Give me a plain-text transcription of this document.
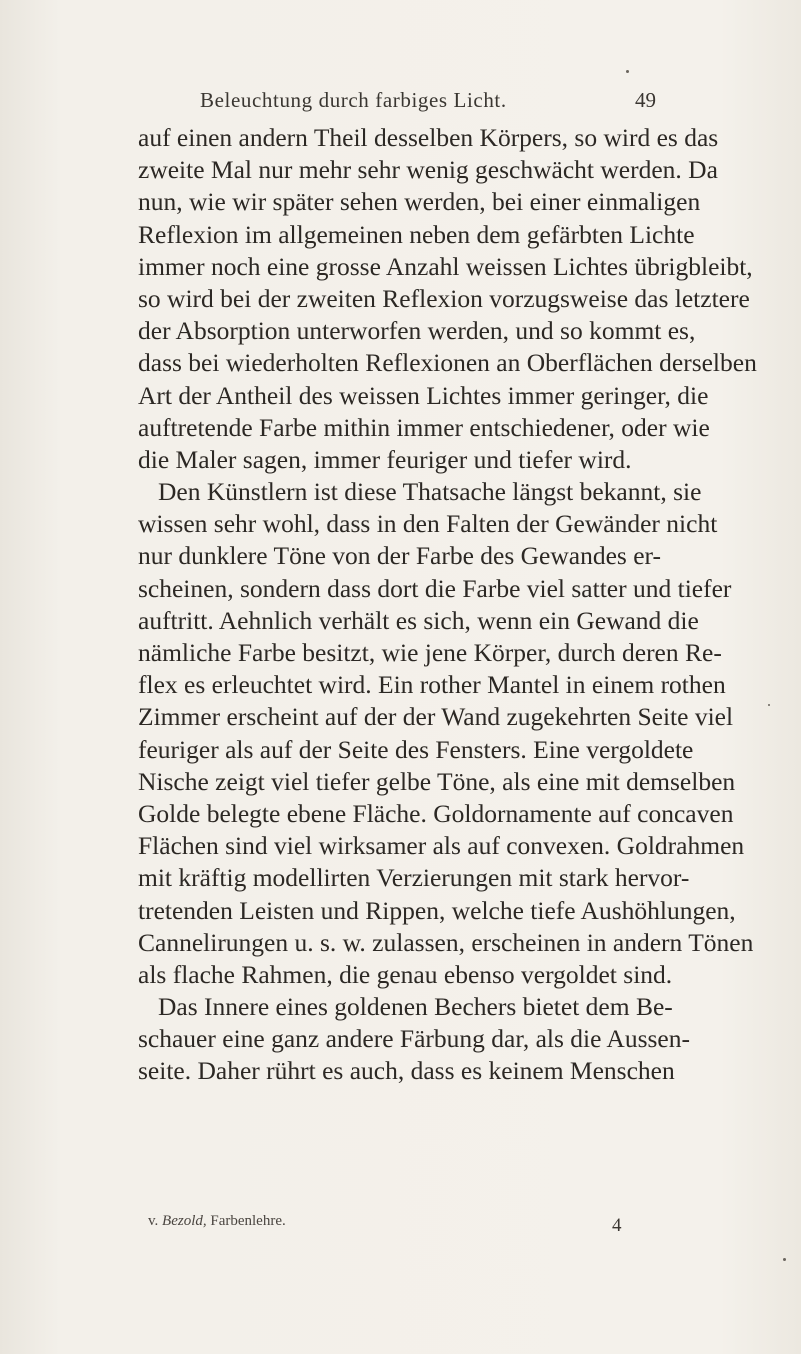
Beleuchtung durch farbiges Licht.	49
auf einen andern Theil desselben Körpers, so wird es das
zweite Mal nur mehr sehr wenig geschwächt werden. Da
nun, wie wir später sehen werden, bei einer einmaligen
Reflexion im allgemeinen neben dem gefärbten Lichte
immer noch eine grosse Anzahl weissen Lichtes übrigbleibt,
so wird bei der zweiten Reflexion vorzugsweise das letztere
der Absorption unterworfen werden, und so kommt es,
dass bei wiederholten Reflexionen an Oberflächen derselben
Art der Antheil des weissen Lichtes immer geringer, die
auftretende Farbe mithin immer entschiedener, oder wie
die Maler sagen, immer feuriger und tiefer wird.
Den Künstlern ist diese Thatsache längst bekannt, sie
wissen sehr wohl, dass in den Falten der Gewänder nicht
nur dunklere Töne von der Farbe des Gewandes er-
scheinen, sondern dass dort die Farbe viel satter und tiefer
auftritt. Aehnlich verhält es sich, wenn ein Gewand die
nämliche Farbe besitzt, wie jene Körper, durch deren Re-
flex es erleuchtet wird. Ein rother Mantel in einem rothen
Zimmer erscheint auf der der Wand zugekehrten Seite viel
feuriger als auf der Seite des Fensters. Eine vergoldete
Nische zeigt viel tiefer gelbe Töne, als eine mit demselben
Golde belegte ebene Fläche. Goldornamente auf concaven
Flächen sind viel wirksamer als auf convexen. Goldrahmen
mit kräftig modellirten Verzierungen mit stark hervor-
tretenden Leisten und Rippen, welche tiefe Aushöhlungen,
Cannelirungen u. s. w. zulassen, erscheinen in andern Tönen
als flache Rahmen, die genau ebenso vergoldet sind.
Das Innere eines goldenen Bechers bietet dem Be-
schauer eine ganz andere Färbung dar, als die Aussen-
seite. Daher rührt es auch, dass es keinem Menschen
v. Bezold, Farbenlehre.	4
